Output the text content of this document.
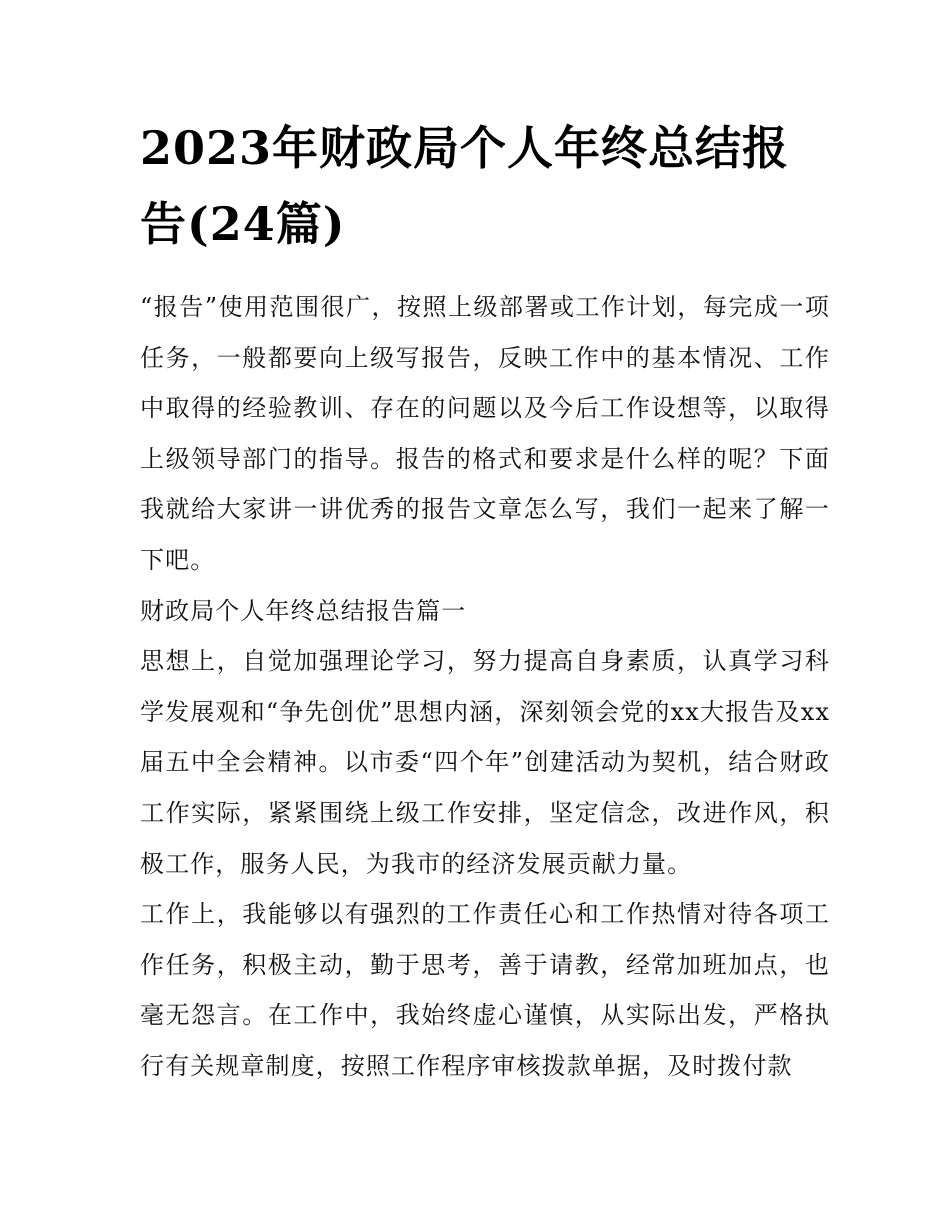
2023年财政局个人年终总结报告(24篇)

“报告”使用范围很广，按照上级部署或工作计划，每完成一项任务，一般都要向上级写报告，反映工作中的基本情况、工作中取得的经验教训、存在的问题以及今后工作设想等，以取得上级领导部门的指导。报告的格式和要求是什么样的呢？下面我就给大家讲一讲优秀的报告文章怎么写，我们一起来了解一下吧。

财政局个人年终总结报告篇一

思想上，自觉加强理论学习，努力提高自身素质，认真学习科学发展观和“争先创优”思想内涵，深刻领会党的xx大报告及xx届五中全会精神。以市委“四个年”创建活动为契机，结合财政工作实际，紧紧围绕上级工作安排，坚定信念，改进作风，积极工作，服务人民，为我市的经济发展贡献力量。

工作上，我能够以有强烈的工作责任心和工作热情对待各项工作任务，积极主动，勤于思考，善于请教，经常加班加点，也毫无怨言。在工作中，我始终虚心谨慎，从实际出发，严格执行有关规章制度，按照工作程序审核拨款单据，及时拨付款
